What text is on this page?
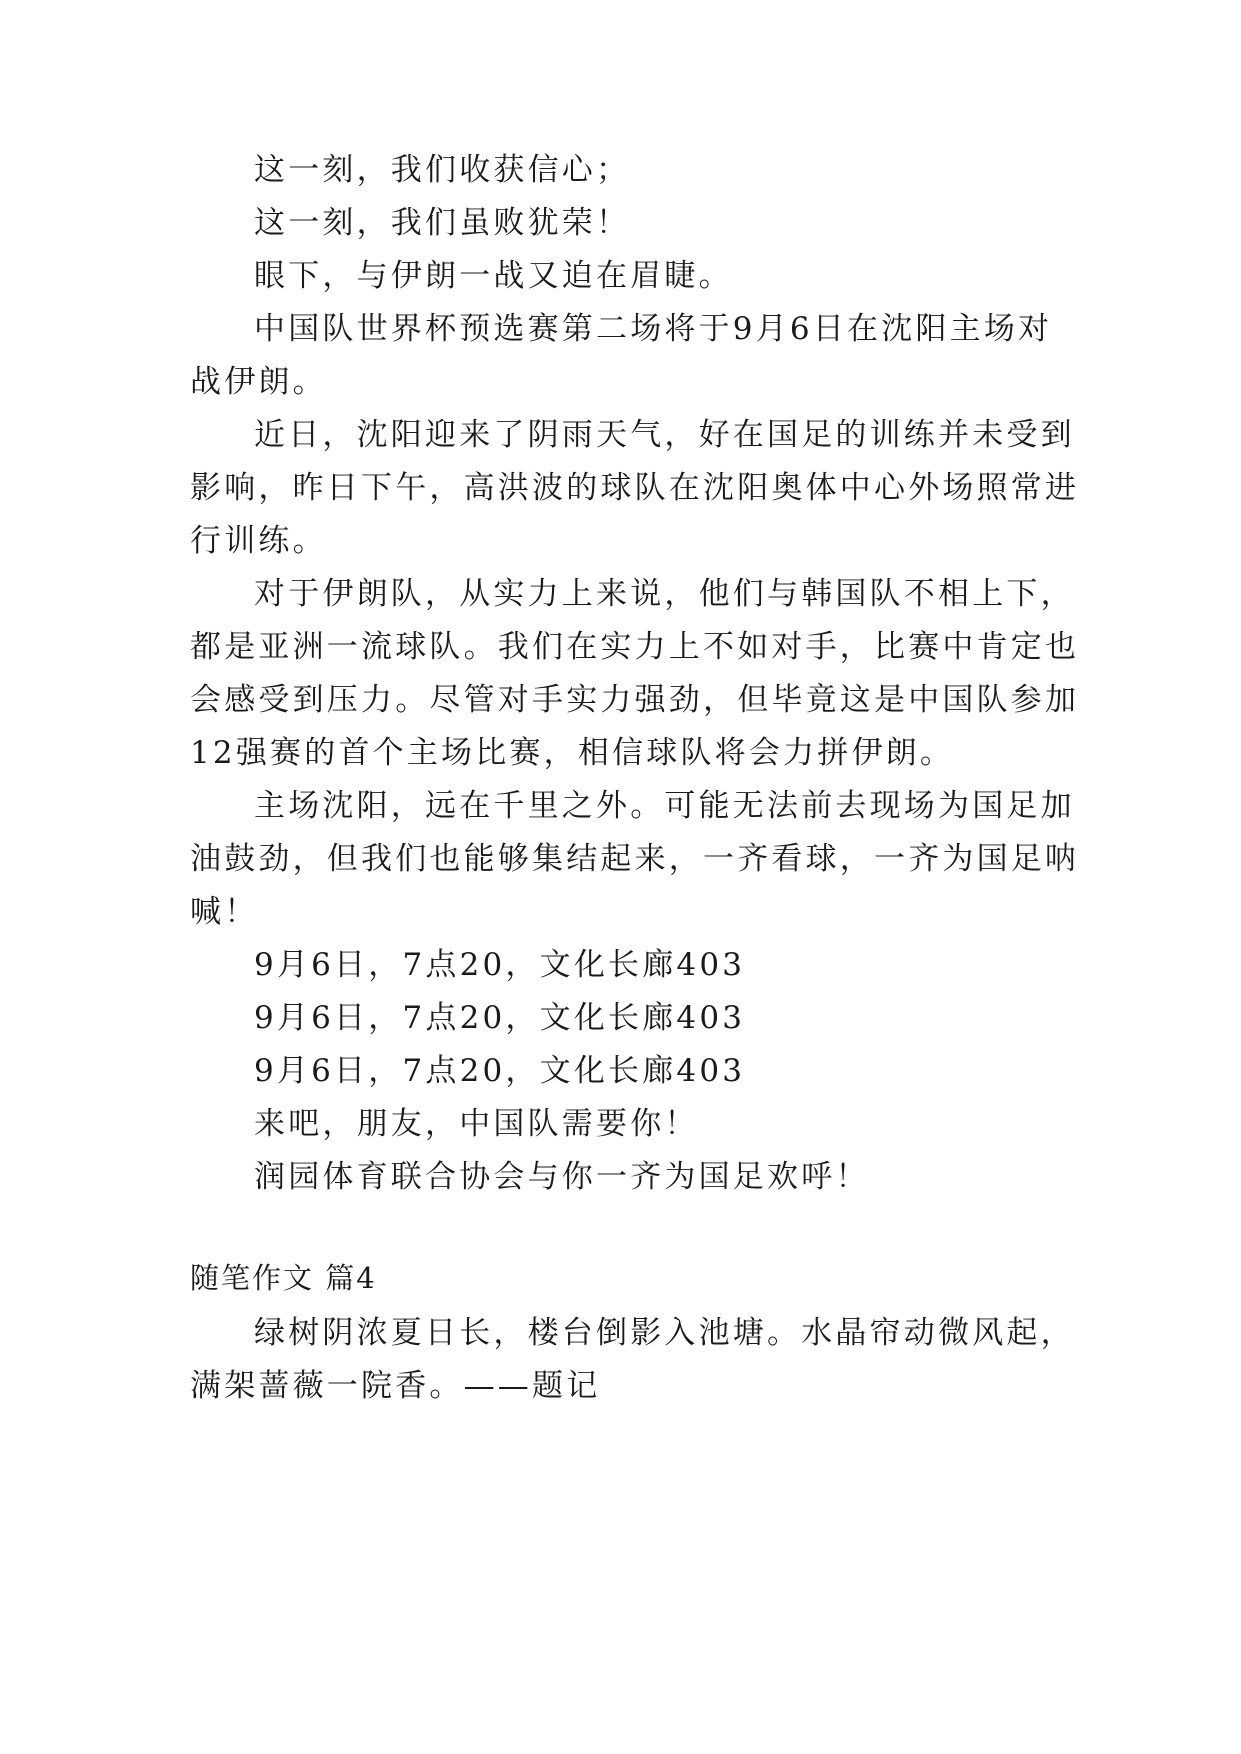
这一刻，我们收获信心；
这一刻，我们虽败犹荣！
眼下，与伊朗一战又迫在眉睫。
中国队世界杯预选赛第二场将于9月6日在沈阳主场对
战伊朗。
近日，沈阳迎来了阴雨天气，好在国足的训练并未受到
影响，昨日下午，高洪波的球队在沈阳奥体中心外场照常进
行训练。
对于伊朗队，从实力上来说，他们与韩国队不相上下，
都是亚洲一流球队。我们在实力上不如对手，比赛中肯定也
会感受到压力。尽管对手实力强劲，但毕竟这是中国队参加
12强赛的首个主场比赛，相信球队将会力拼伊朗。
主场沈阳，远在千里之外。可能无法前去现场为国足加
油鼓劲，但我们也能够集结起来，一齐看球，一齐为国足呐
喊！
9月6日，7点20，文化长廊403
9月6日，7点20，文化长廊403
9月6日，7点20，文化长廊403
来吧，朋友，中国队需要你！
润园体育联合协会与你一齐为国足欢呼！
随笔作文 篇4
绿树阴浓夏日长，楼台倒影入池塘。水晶帘动微风起，
满架蔷薇一院香。——题记
